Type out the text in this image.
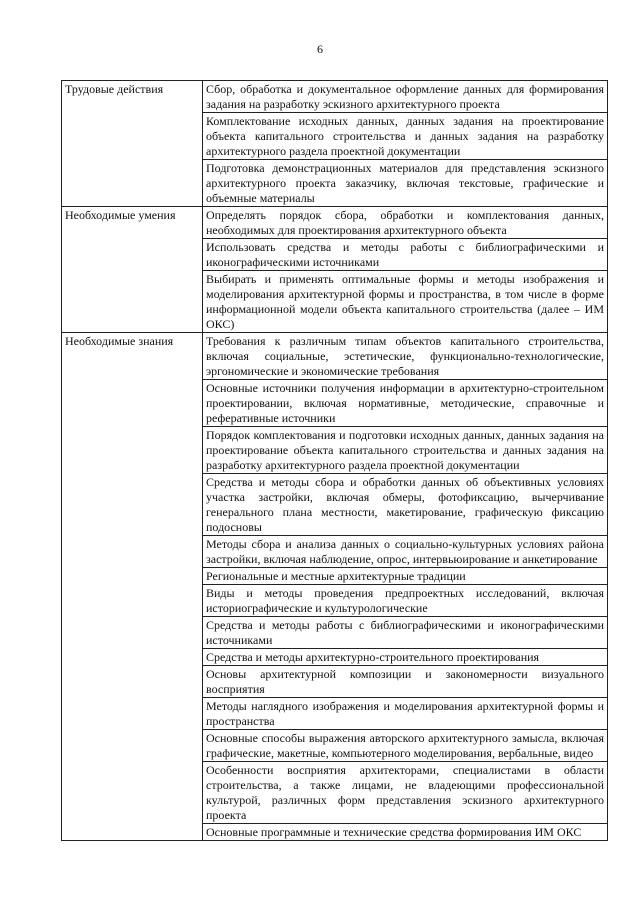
6
Трудовые действия	Сбор, обработка и документальное оформление данных для формирования задания на разработку эскизного архитектурного проекта
	Комплектование исходных данных, данных задания на проектирование объекта капитального строительства и данных задания на разработку архитектурного раздела проектной документации
	Подготовка демонстрационных материалов для представления эскизного архитектурного проекта заказчику, включая текстовые, графические и объемные материалы
Необходимые умения	Определять порядок сбора, обработки и комплектования данных, необходимых для проектирования архитектурного объекта
	Использовать средства и методы работы с библиографическими и иконографическими источниками
	Выбирать и применять оптимальные формы и методы изображения и моделирования архитектурной формы и пространства, в том числе в форме информационной модели объекта капитального строительства (далее – ИМ ОКС)
Необходимые знания	Требования к различным типам объектов капитального строительства, включая социальные, эстетические, функционально-технологические, эргономические и экономические требования
	Основные источники получения информации в архитектурно-строительном проектировании, включая нормативные, методические, справочные и реферативные источники
	Порядок комплектования и подготовки исходных данных, данных задания на проектирование объекта капитального строительства и данных задания на разработку архитектурного раздела проектной документации
	Средства и методы сбора и обработки данных об объективных условиях участка застройки, включая обмеры, фотофиксацию, вычерчивание генерального плана местности, макетирование, графическую фиксацию подосновы
	Методы сбора и анализа данных о социально-культурных условиях района застройки, включая наблюдение, опрос, интервьюирование и анкетирование
	Региональные и местные архитектурные традиции
	Виды и методы проведения предпроектных исследований, включая историографические и культурологические
	Средства и методы работы с библиографическими и иконографическими источниками
	Средства и методы архитектурно-строительного проектирования
	Основы архитектурной композиции и закономерности визуального восприятия
	Методы наглядного изображения и моделирования архитектурной формы и пространства
	Основные способы выражения авторского архитектурного замысла, включая графические, макетные, компьютерного моделирования, вербальные, видео
	Особенности восприятия архитекторами, специалистами в области строительства, а также лицами, не владеющими профессиональной культурой, различных форм представления эскизного архитектурного проекта
	Основные программные и технические средства формирования ИМ ОКС
